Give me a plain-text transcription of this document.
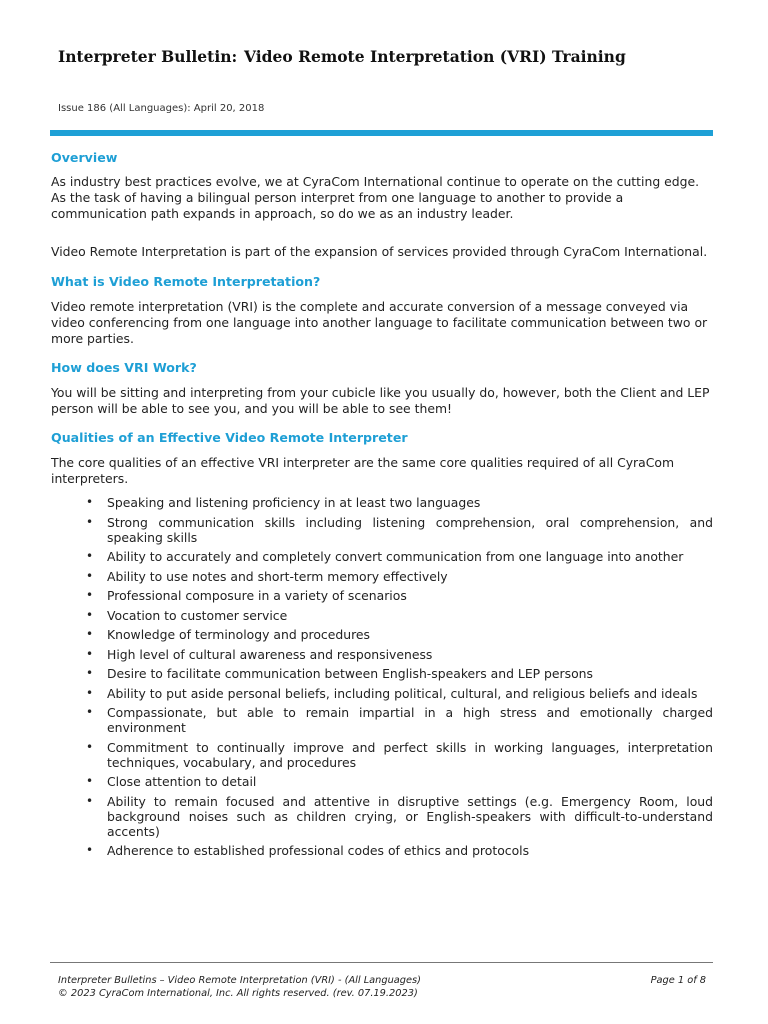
Interpreter Bulletin: Video Remote Interpretation (VRI) Training
Issue 186 (All Languages): April 20, 2018
Overview

As industry best practices evolve, we at CyraCom International continue to operate on the cutting edge. As the task of having a bilingual person interpret from one language to another to provide a communication path expands in approach, so do we as an industry leader.

Video Remote Interpretation is part of the expansion of services provided through CyraCom International.

What is Video Remote Interpretation?

Video remote interpretation (VRI) is the complete and accurate conversion of a message conveyed via video conferencing from one language into another language to facilitate communication between two or more parties.

How does VRI Work?

You will be sitting and interpreting from your cubicle like you usually do, however, both the Client and LEP person will be able to see you, and you will be able to see them!

Qualities of an Effective Video Remote Interpreter

The core qualities of an effective VRI interpreter are the same core qualities required of all CyraCom interpreters.

• Speaking and listening proficiency in at least two languages
• Strong communication skills including listening comprehension, oral comprehension, and speaking skills
• Ability to accurately and completely convert communication from one language into another
• Ability to use notes and short-term memory effectively
• Professional composure in a variety of scenarios
• Vocation to customer service
• Knowledge of terminology and procedures
• High level of cultural awareness and responsiveness
• Desire to facilitate communication between English-speakers and LEP persons
• Ability to put aside personal beliefs, including political, cultural, and religious beliefs and ideals
• Compassionate, but able to remain impartial in a high stress and emotionally charged environment
• Commitment to continually improve and perfect skills in working languages, interpretation techniques, vocabulary, and procedures
• Close attention to detail
• Ability to remain focused and attentive in disruptive settings (e.g. Emergency Room, loud background noises such as children crying, or English-speakers with difficult-to-understand accents)
• Adherence to established professional codes of ethics and protocols
Interpreter Bulletins – Video Remote Interpretation (VRI) - (All Languages)	Page 1 of 8
© 2023 CyraCom International, Inc. All rights reserved. (rev. 07.19.2023)
